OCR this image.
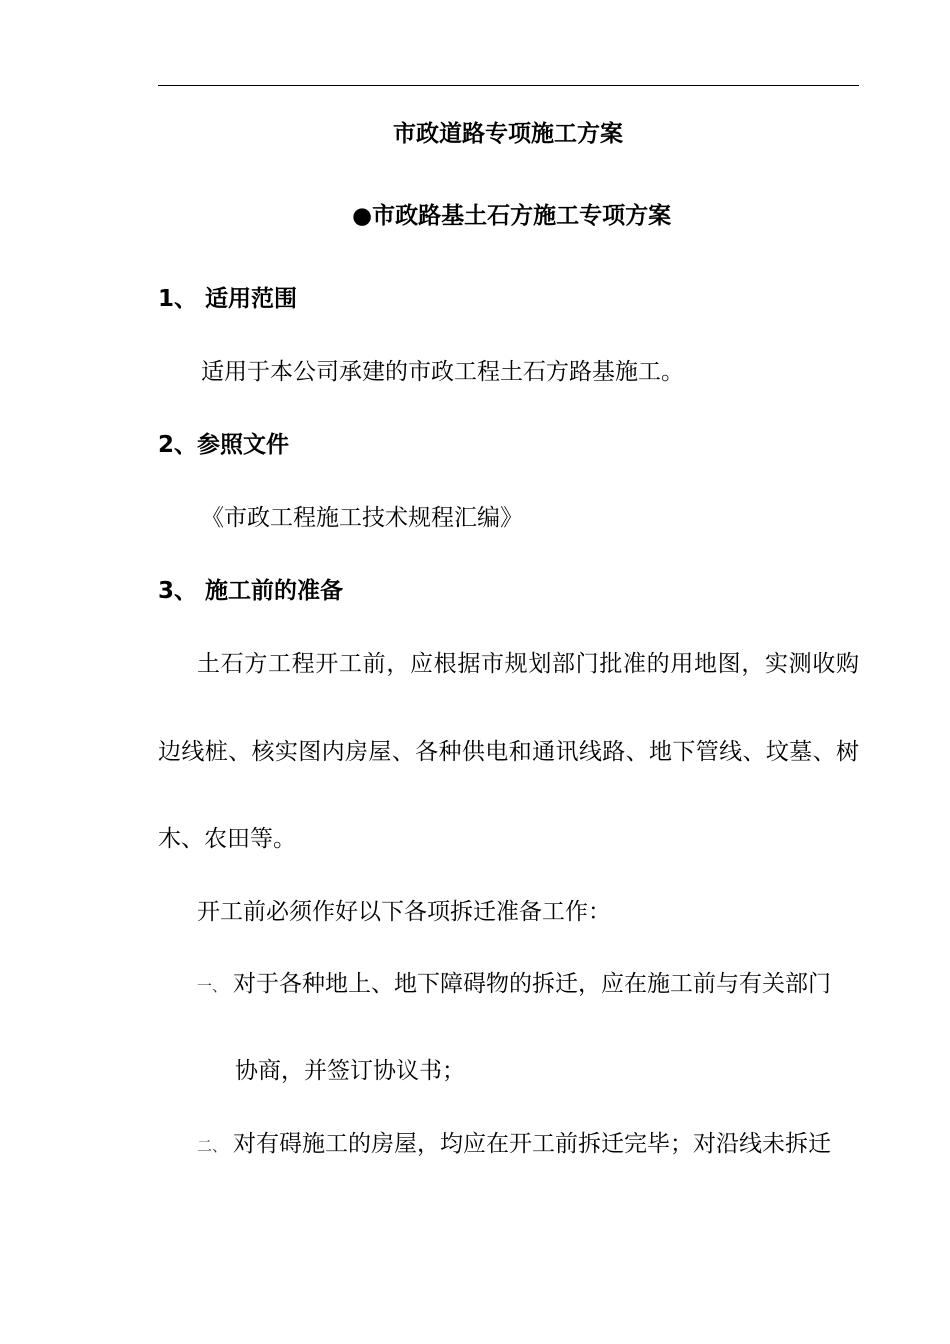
市政道路专项施工方案
●市政路基土石方施工专项方案
1、 适用范围
适用于本公司承建的市政工程土石方路基施工。
2、参照文件
《市政工程施工技术规程汇编》
3、 施工前的准备
土石方工程开工前，应根据市规划部门批准的用地图，实测收购
边线桩、核实图内房屋、各种供电和通讯线路、地下管线、坟墓、树
木、农田等。
开工前必须作好以下各项拆迁准备工作：
一、 对于各种地上、地下障碍物的拆迁，应在施工前与有关部门
协商，并签订协议书；
二、 对有碍施工的房屋，均应在开工前拆迁完毕；对沿线未拆迁
